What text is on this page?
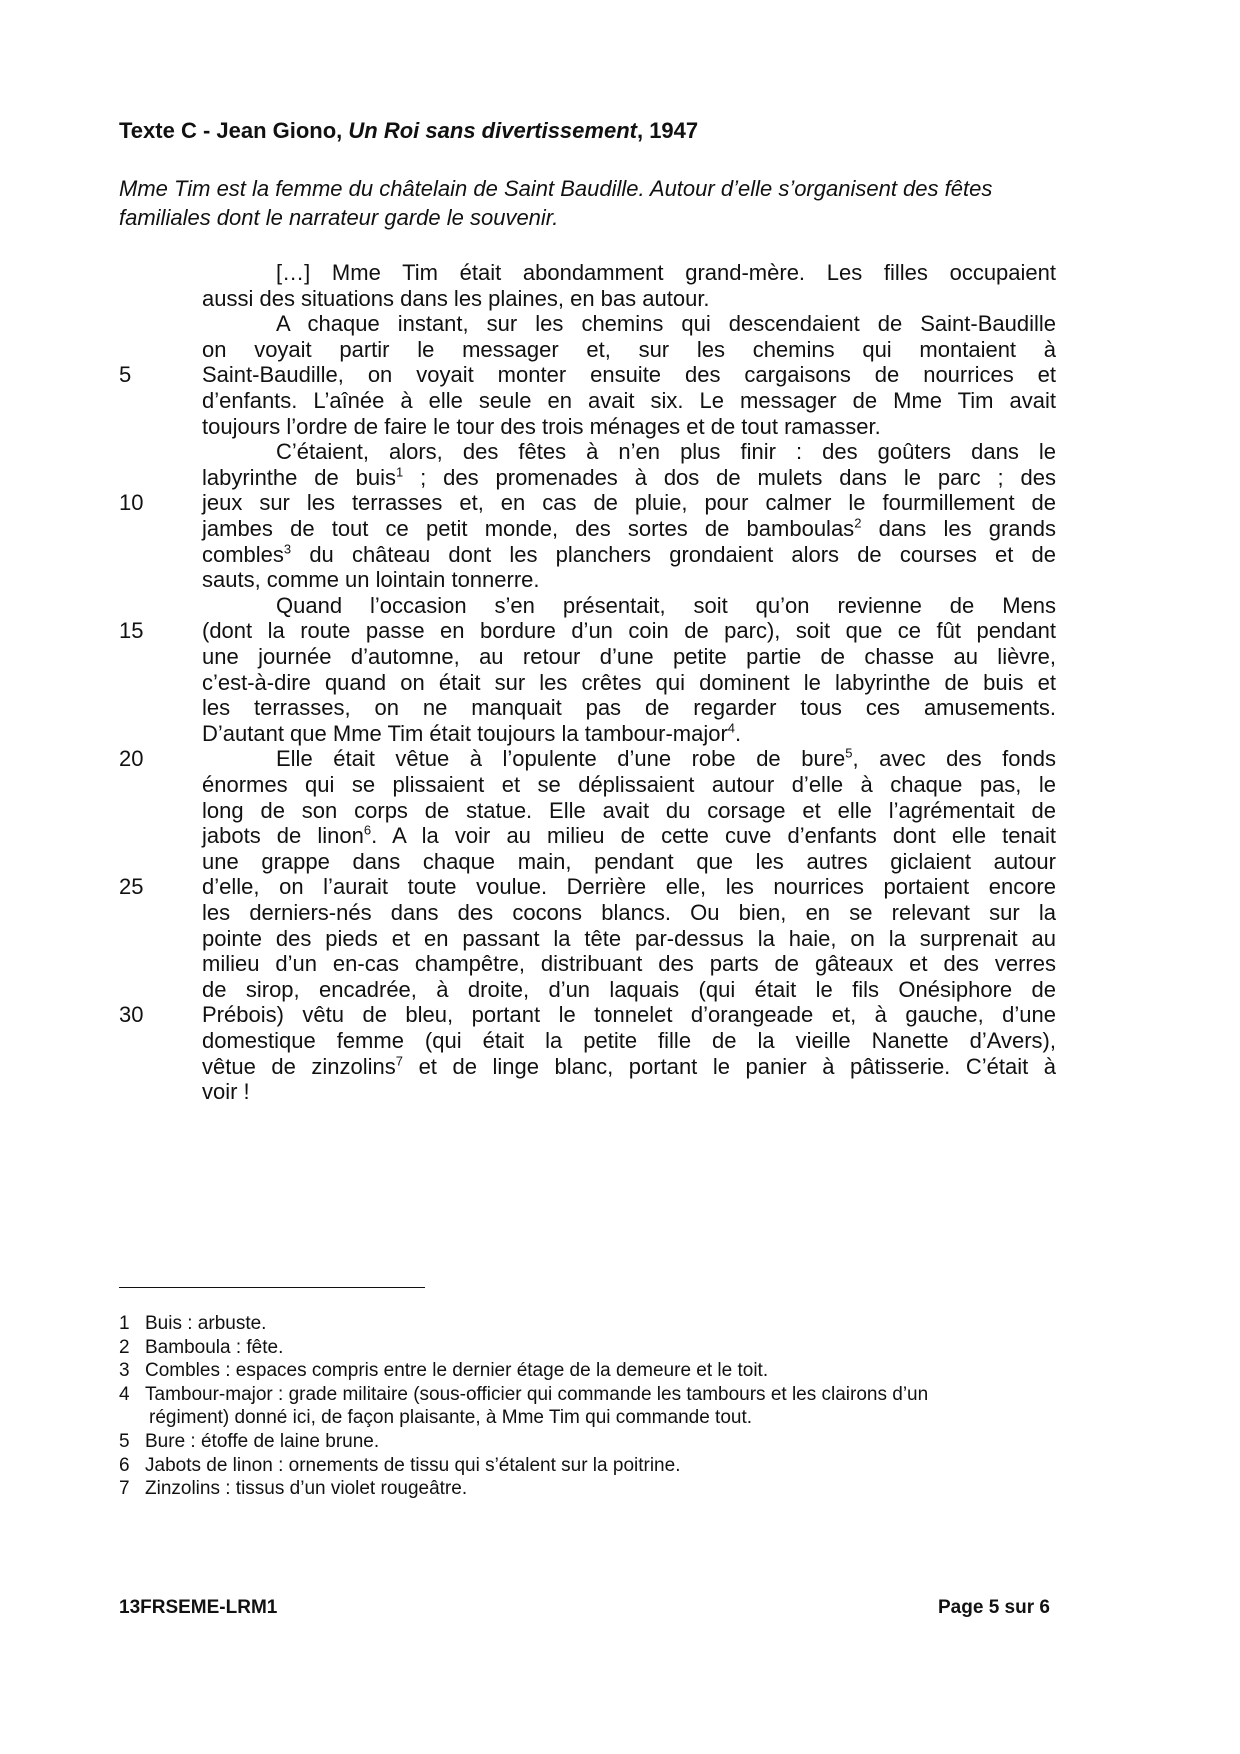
Texte C - Jean Giono, Un Roi sans divertissement, 1947

Mme Tim est la femme du châtelain de Saint Baudille. Autour d’elle s’organisent des fêtes
familiales dont le narrateur garde le souvenir.

[…] Mme Tim était abondamment grand-mère. Les filles occupaient
aussi des situations dans les plaines, en bas autour.
A chaque instant, sur les chemins qui descendaient de Saint-Baudille
on voyait partir le messager et, sur les chemins qui montaient à
Saint-Baudille, on voyait monter ensuite des cargaisons de nourrices et
d’enfants. L’aînée à elle seule en avait six. Le messager de Mme Tim avait
toujours l’ordre de faire le tour des trois ménages et de tout ramasser.
C’étaient, alors, des fêtes à n’en plus finir : des goûters dans le
labyrinthe de buis$^1$ ; des promenades à dos de mulets dans le parc ; des
jeux sur les terrasses et, en cas de pluie, pour calmer le fourmillement de
jambes de tout ce petit monde, des sortes de bamboulas$^2$ dans les grands
combles$^3$ du château dont les planchers grondaient alors de courses et de
sauts, comme un lointain tonnerre.
Quand l’occasion s’en présentait, soit qu’on revienne de Mens
(dont la route passe en bordure d’un coin de parc), soit que ce fût pendant
une journée d’automne, au retour d’une petite partie de chasse au lièvre,
c’est-à-dire quand on était sur les crêtes qui dominent le labyrinthe de buis et
les terrasses, on ne manquait pas de regarder tous ces amusements.
D’autant que Mme Tim était toujours la tambour-major$^4$.
Elle était vêtue à l’opulente d’une robe de bure$^5$, avec des fonds
énormes qui se plissaient et se déplissaient autour d’elle à chaque pas, le
long de son corps de statue. Elle avait du corsage et elle l’agrémentait de
jabots de linon$^6$. A la voir au milieu de cette cuve d’enfants dont elle tenait
une grappe dans chaque main, pendant que les autres giclaient autour
d’elle, on l’aurait toute voulue. Derrière elle, les nourrices portaient encore
les derniers-nés dans des cocons blancs. Ou bien, en se relevant sur la
pointe des pieds et en passant la tête par-dessus la haie, on la surprenait au
milieu d’un en-cas champêtre, distribuant des parts de gâteaux et des verres
de sirop, encadrée, à droite, d’un laquais (qui était le fils Onésiphore de
Prébois) vêtu de bleu, portant le tonnelet d’orangeade et, à gauche, d’une
domestique femme (qui était la petite fille de la vieille Nanette d’Avers),
vêtue de zinzolins$^7$ et de linge blanc, portant le panier à pâtisserie. C’était à
voir !
5
10
15
20
25
30
1 Buis : arbuste.
2 Bamboula : fête.
3 Combles : espaces compris entre le dernier étage de la demeure et le toit.
4 Tambour-major : grade militaire (sous-officier qui commande les tambours et les clairons d’un
régiment) donné ici, de façon plaisante, à Mme Tim qui commande tout.
5 Bure : étoffe de laine brune.
6 Jabots de linon : ornements de tissu qui s’étalent sur la poitrine.
7 Zinzolins : tissus d’un violet rougeâtre.
13FRSEME-LRM1	Page 5 sur 6
